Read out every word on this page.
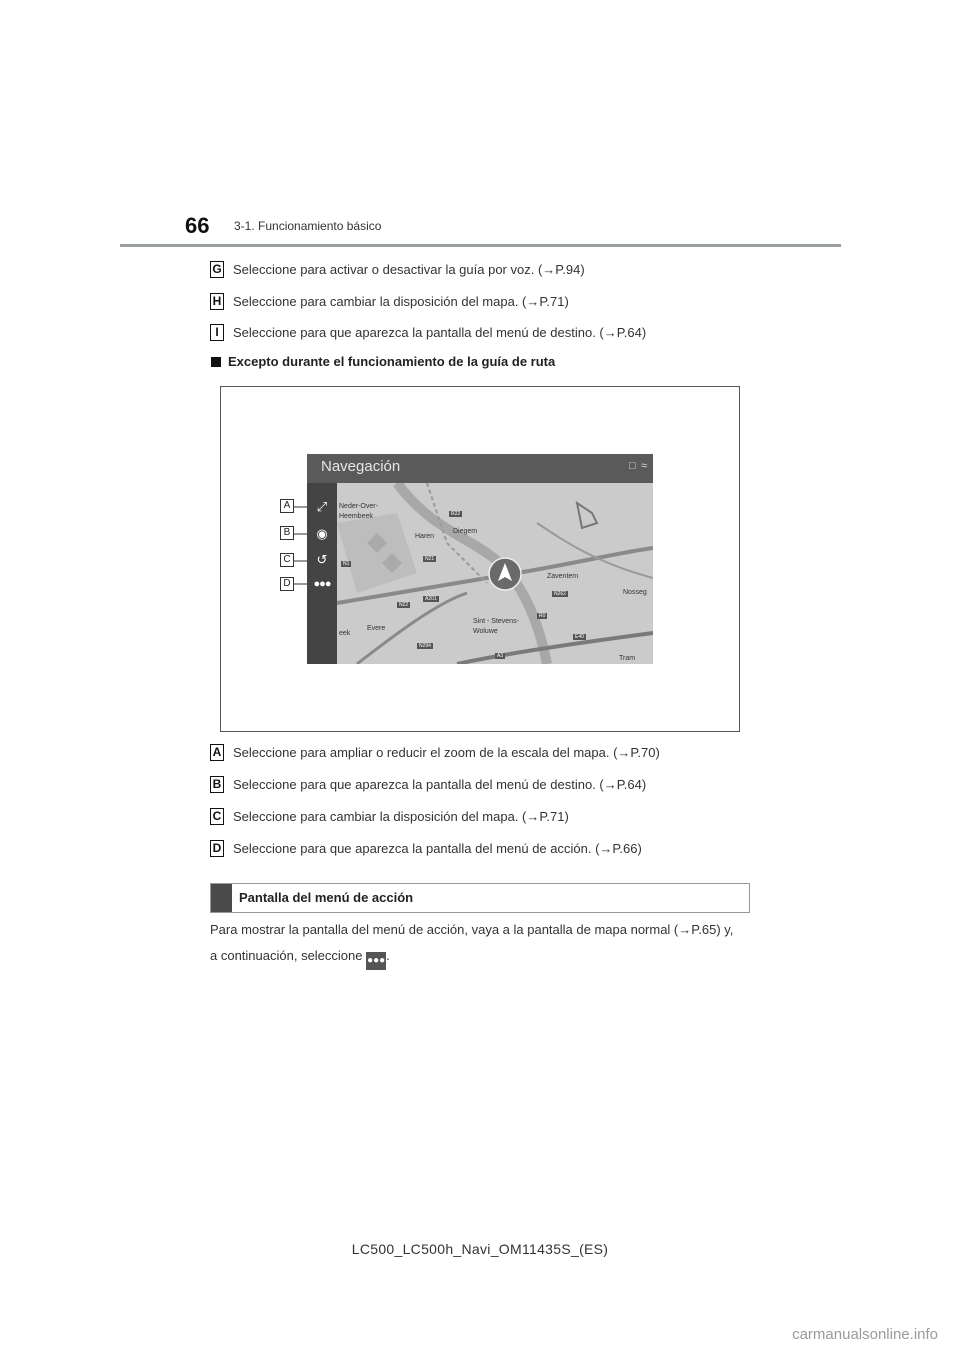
66 3-1. Funcionamiento básico
G Seleccione para activar o desactivar la guía por voz. (→P.94)
H Seleccione para cambiar la disposición del mapa. (→P.71)
I	Seleccione para que aparezca la pantalla del menú de destino. (→P.64)
Excepto durante el funcionamiento de la guía de ruta
A
B
C
D
Neder-Over-
Heembeek
Haren
Diegem
Zaventem
Nosseg
Sint - Stevens-
Woluwe
Evere
eek
Tram
R22
N21
N1
N22
A201
N262
R0
E40
N294
A3
Navegación	□ ≈
⤢
◉
↺
●●●
A Seleccione para ampliar o reducir el zoom de la escala del mapa. (→P.70)
B Seleccione para que aparezca la pantalla del menú de destino. (→P.64)
C Seleccione para cambiar la disposición del mapa. (→P.71)
D Seleccione para que aparezca la pantalla del menú de acción. (→P.66)
Pantalla del menú de acción
Para mostrar la pantalla del menú de acción, vaya a la pantalla de mapa normal (→P.65) y,
a continuación, seleccione ●●●.
LC500_LC500h_Navi_OM11435S_(ES)
carmanualsonline.info
